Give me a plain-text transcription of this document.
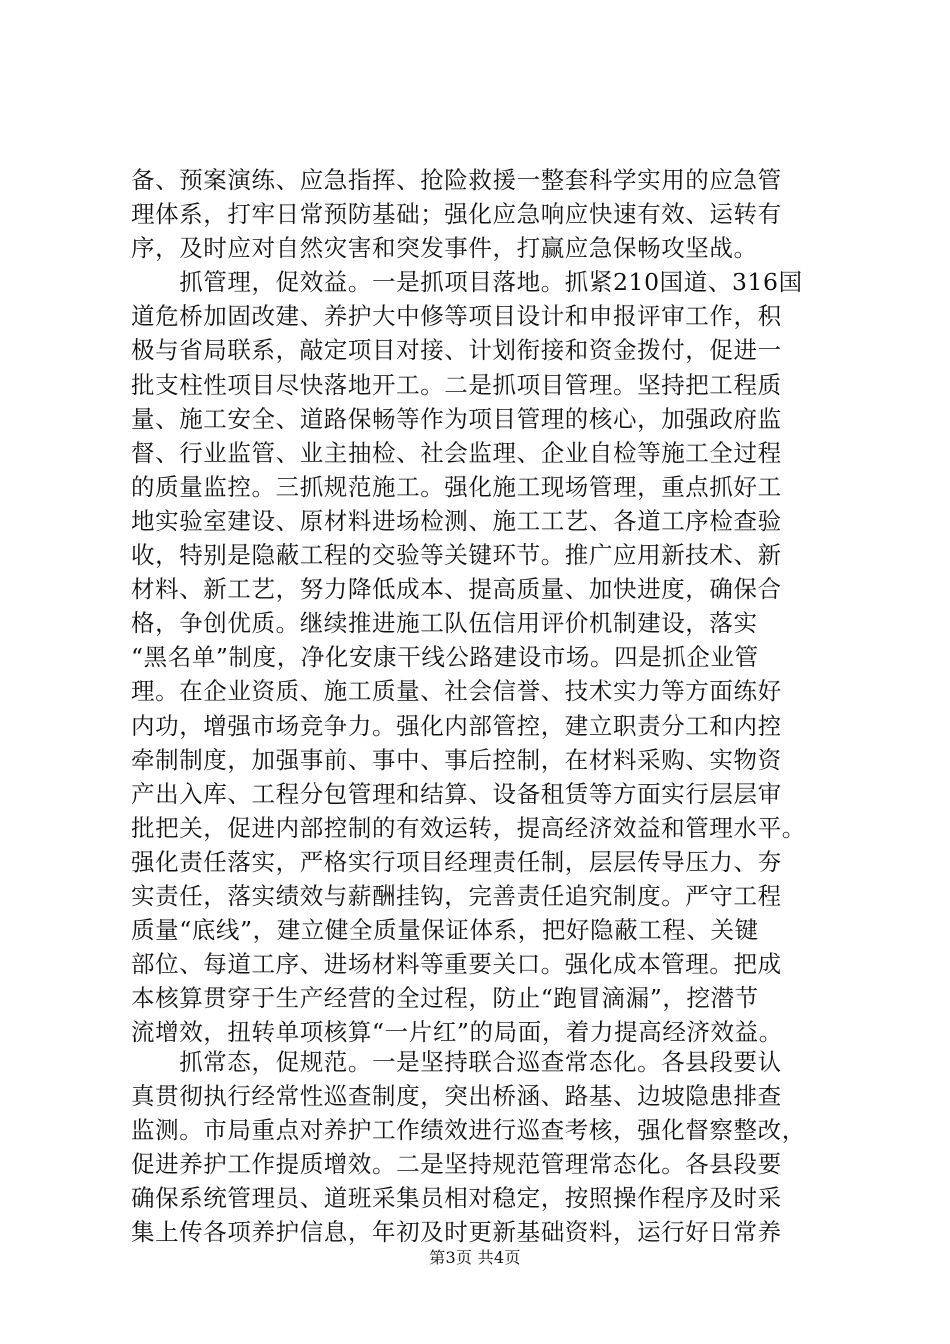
备、预案演练、应急指挥、抢险救援一整套科学实用的应急管
理体系，打牢日常预防基础；强化应急响应快速有效、运转有
序，及时应对自然灾害和突发事件，打赢应急保畅攻坚战。
　　抓管理，促效益。一是抓项目落地。抓紧210国道、316国
道危桥加固改建、养护大中修等项目设计和申报评审工作，积
极与省局联系，敲定项目对接、计划衔接和资金拨付，促进一
批支柱性项目尽快落地开工。二是抓项目管理。坚持把工程质
量、施工安全、道路保畅等作为项目管理的核心，加强政府监
督、行业监管、业主抽检、社会监理、企业自检等施工全过程
的质量监控。三抓规范施工。强化施工现场管理，重点抓好工
地实验室建设、原材料进场检测、施工工艺、各道工序检查验
收，特别是隐蔽工程的交验等关键环节。推广应用新技术、新
材料、新工艺，努力降低成本、提高质量、加快进度，确保合
格，争创优质。继续推进施工队伍信用评价机制建设，落实
“黑名单”制度，净化安康干线公路建设市场。四是抓企业管
理。在企业资质、施工质量、社会信誉、技术实力等方面练好
内功，增强市场竞争力。强化内部管控，建立职责分工和内控
牵制制度，加强事前、事中、事后控制，在材料采购、实物资
产出入库、工程分包管理和结算、设备租赁等方面实行层层审
批把关，促进内部控制的有效运转，提高经济效益和管理水平。
强化责任落实，严格实行项目经理责任制，层层传导压力、夯
实责任，落实绩效与薪酬挂钩，完善责任追究制度。严守工程
质量“底线”，建立健全质量保证体系，把好隐蔽工程、关键
部位、每道工序、进场材料等重要关口。强化成本管理。把成
本核算贯穿于生产经营的全过程，防止“跑冒滴漏”，挖潜节
流增效，扭转单项核算“一片红”的局面，着力提高经济效益。
　　抓常态，促规范。一是坚持联合巡查常态化。各县段要认
真贯彻执行经常性巡查制度，突出桥涵、路基、边坡隐患排查
监测。市局重点对养护工作绩效进行巡查考核，强化督察整改，
促进养护工作提质增效。二是坚持规范管理常态化。各县段要
确保系统管理员、道班采集员相对稳定，按照操作程序及时采
集上传各项养护信息，年初及时更新基础资料，运行好日常养
第3页 共4页
